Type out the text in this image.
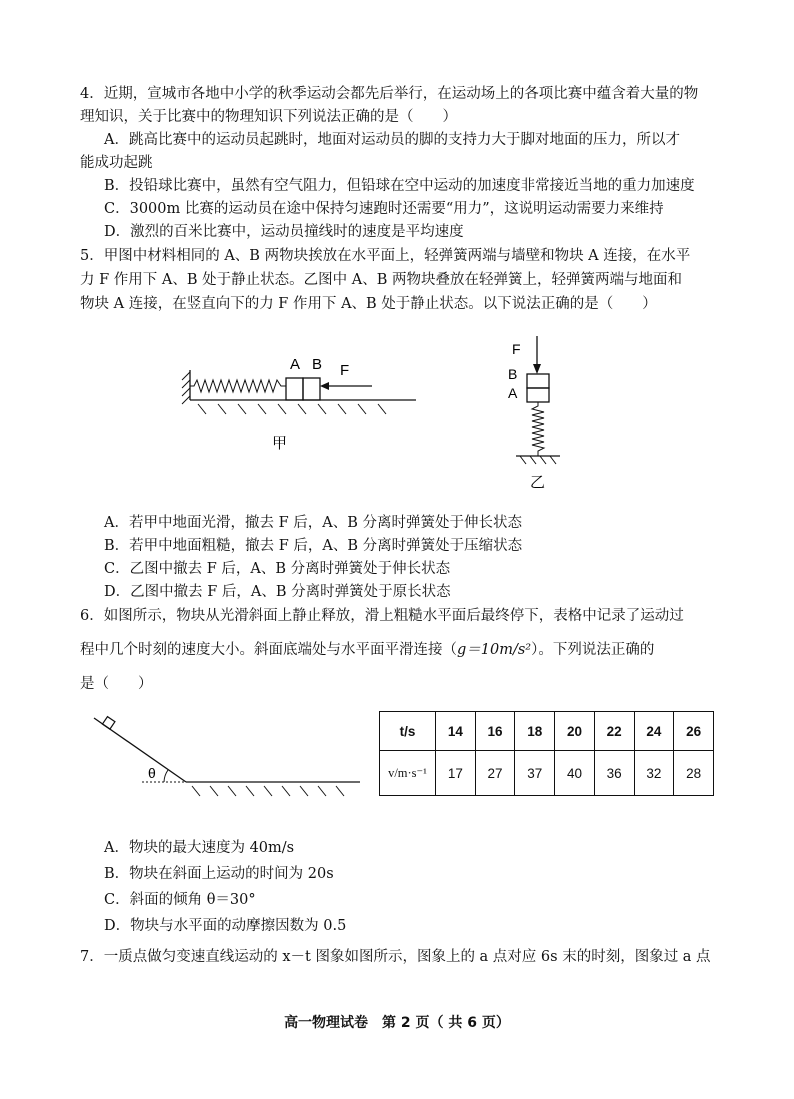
4．近期，宣城市各地中小学的秋季运动会都先后举行，在运动场上的各项比赛中蕴含着大量的物
理知识，关于比赛中的物理知识下列说法正确的是（　　）
A．跳高比赛中的运动员起跳时，地面对运动员的脚的支持力大于脚对地面的压力，所以才
能成功起跳
B．投铅球比赛中，虽然有空气阻力，但铅球在空中运动的加速度非常接近当地的重力加速度
C．3000m 比赛的运动员在途中保持匀速跑时还需要“用力”，这说明运动需要力来维持
D．激烈的百米比赛中，运动员撞线时的速度是平均速度
5．甲图中材料相同的 A、B 两物块挨放在水平面上，轻弹簧两端与墙壁和物块 A 连接，在水平
力 F 作用下 A、B 处于静止状态。乙图中 A、B 两物块叠放在轻弹簧上，轻弹簧两端与地面和
物块 A 连接，在竖直向下的力 F 作用下 A、B 处于静止状态。以下说法正确的是（　　）
A B F
甲
F
B
A
乙
A．若甲中地面光滑，撤去 F 后，A、B 分离时弹簧处于伸长状态
B．若甲中地面粗糙，撤去 F 后，A、B 分离时弹簧处于压缩状态
C．乙图中撤去 F 后，A、B 分离时弹簧处于伸长状态
D．乙图中撤去 F 后，A、B 分离时弹簧处于原长状态
6．如图所示，物块从光滑斜面上静止释放，滑上粗糙水平面后最终停下，表格中记录了运动过
程中几个时刻的速度大小。斜面底端处与水平面平滑连接（g＝10m/s²）。下列说法正确的
是（　　）
θ
t/s	14	16	18	20	22	24	26
v/m·s⁻¹	17	27	37	40	36	32	28
A．物块的最大速度为 40m/s
B．物块在斜面上运动的时间为 20s
C．斜面的倾角 θ＝30°
D．物块与水平面的动摩擦因数为 0.5
7．一质点做匀变速直线运动的 x－t 图象如图所示，图象上的 a 点对应 6s 末的时刻，图象过 a 点
高一物理试卷　第 2 页（ 共 6 页）
